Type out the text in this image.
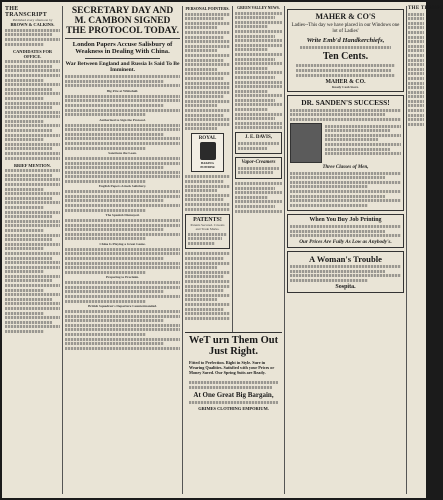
THE TRANSCRIPT
Published every afternoon by
BROWN & CALKINS.
CANDIDATES FOR OFFICE.
BRIEF MENTION.
SECRETARY DAY AND M. CAMBON SIGNED THE PROTOCOL TODAY.
London Papers Accuse Salisbury of Weakness in Dealing With China.
War Between England and Russia Is Said To Be Imminent.
Big Fire at Whitehall.
Authorized to Sign the Protocol.
Sanctions the Loan.
English Papers Attack Salisbury.
The Spanish Dismayed.
China Is Playing a Great Game.
Preparing to Proclaim.
British Squadron's Departure Countermanded.
PERSONAL POINTERS.
ROYAL
BAKING POWDER
PATENTS!
Patents Secured. Caveats and Trade Marks.
GREEN VALLEY NEWS.
J. E. DAVIS,
Vapor-Creamers
WeT urn Them Out Just Right.
Fitted to Perfection. Right in Style. Sure in Wearing Qualities. Satisfied with your Prices or Money Saved. Our Spring Suits are Ready.
At One Great Big Bargain,
GRIMES CLOTHING EMPORIUM.
MAHER & CO'S
Ladies--This day we have placed in our Windows one lot of Ladies'
Write Emb'd Handkerchiefs,
Ten Cents.
MAHER & CO.
Ready Cash Store.
DR. SANDEN'S SUCCESS!
Three Classes of Men,
When You Buy Job Printing
Our Prices Are Fully As Low as Anybody's.
A Woman's Trouble
Sospita.
THE TRANSC
